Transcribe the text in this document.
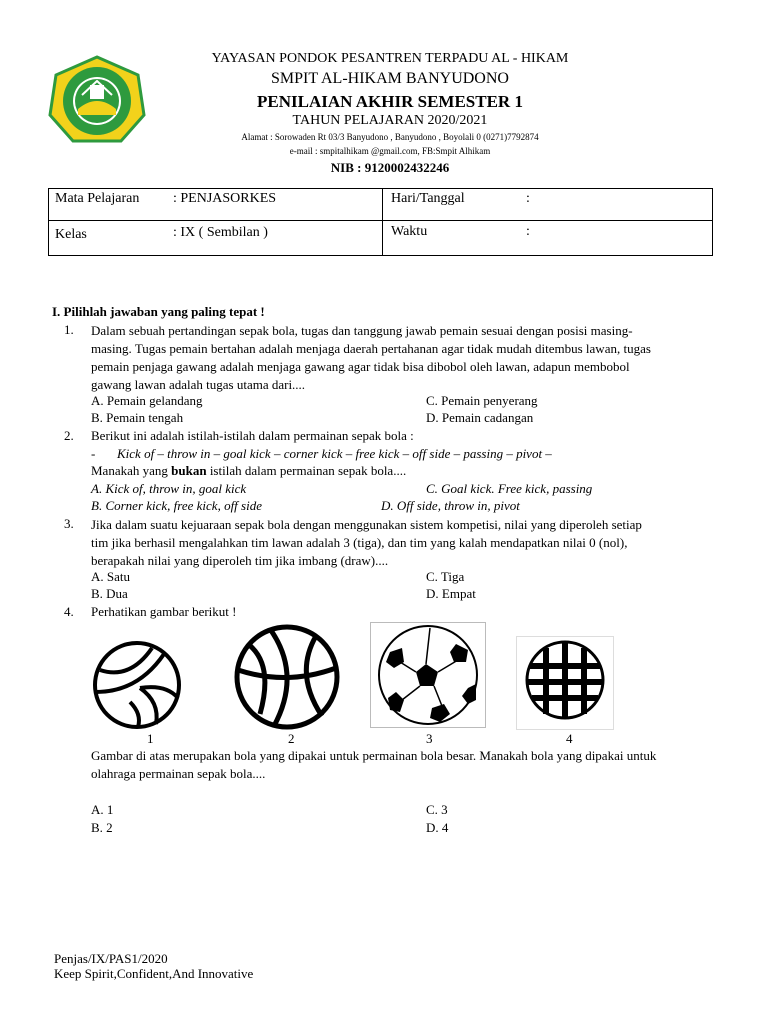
YAYASAN PONDOK PESANTREN TERPADU AL - HIKAM
SMPIT AL-HIKAM BANYUDONO
PENILAIAN AKHIR SEMESTER 1
TAHUN PELAJARAN 2020/2021
Alamat : Sorowaden Rt 03/3 Banyudono , Banyudono , Boyolali 0 (0271)7792874
e-mail : smpitalhikam @gmail.com, FB:Smpit Alhikam
NIB : 9120002432246
Mata Pelajaran : PENJASORKES	Hari/Tanggal	:
Kelas	: IX ( Sembilan )	Waktu	:
I. Pilihlah jawaban yang paling tepat !
1. Dalam sebuah pertandingan sepak bola, tugas dan tanggung jawab pemain sesuai dengan posisi masing-
masing. Tugas pemain bertahan adalah menjaga daerah pertahanan agar tidak mudah ditembus lawan, tugas
pemain penjaga gawang adalah menjaga gawang agar tidak bisa dibobol oleh lawan, adapun membobol
gawang lawan adalah tugas utama dari....
A. Pemain gelandang
B. Pemain tengah
C. Pemain penyerang
D. Pemain cadangan
2. Berikut ini adalah istilah-istilah dalam permainan sepak bola :
- Kick of – throw in – goal kick – corner kick – free kick – off side – passing – pivot –
Manakah yang bukan istilah dalam permainan sepak bola....
A. Kick of, throw in, goal kick
B. Corner kick, free kick, off side
C. Goal kick. Free kick, passing
D. Off side, throw in, pivot
3. Jika dalam suatu kejuaraan sepak bola dengan menggunakan sistem kompetisi, nilai yang diperoleh setiap
tim jika berhasil mengalahkan tim lawan adalah 3 (tiga), dan tim yang kalah mendapatkan nilai 0 (nol),
berapakah nilai yang diperoleh tim jika imbang (draw)....
A. Satu
B. Dua
C. Tiga
D. Empat
4. Perhatikan gambar berikut !
1	2	3	4
Gambar di atas merupakan bola yang dipakai untuk permainan bola besar. Manakah bola yang dipakai untuk
olahraga permainan sepak bola....
A. 1
B. 2
C. 3
D. 4
Penjas/IX/PAS1/2020
Keep Spirit,Confident,And Innovative
